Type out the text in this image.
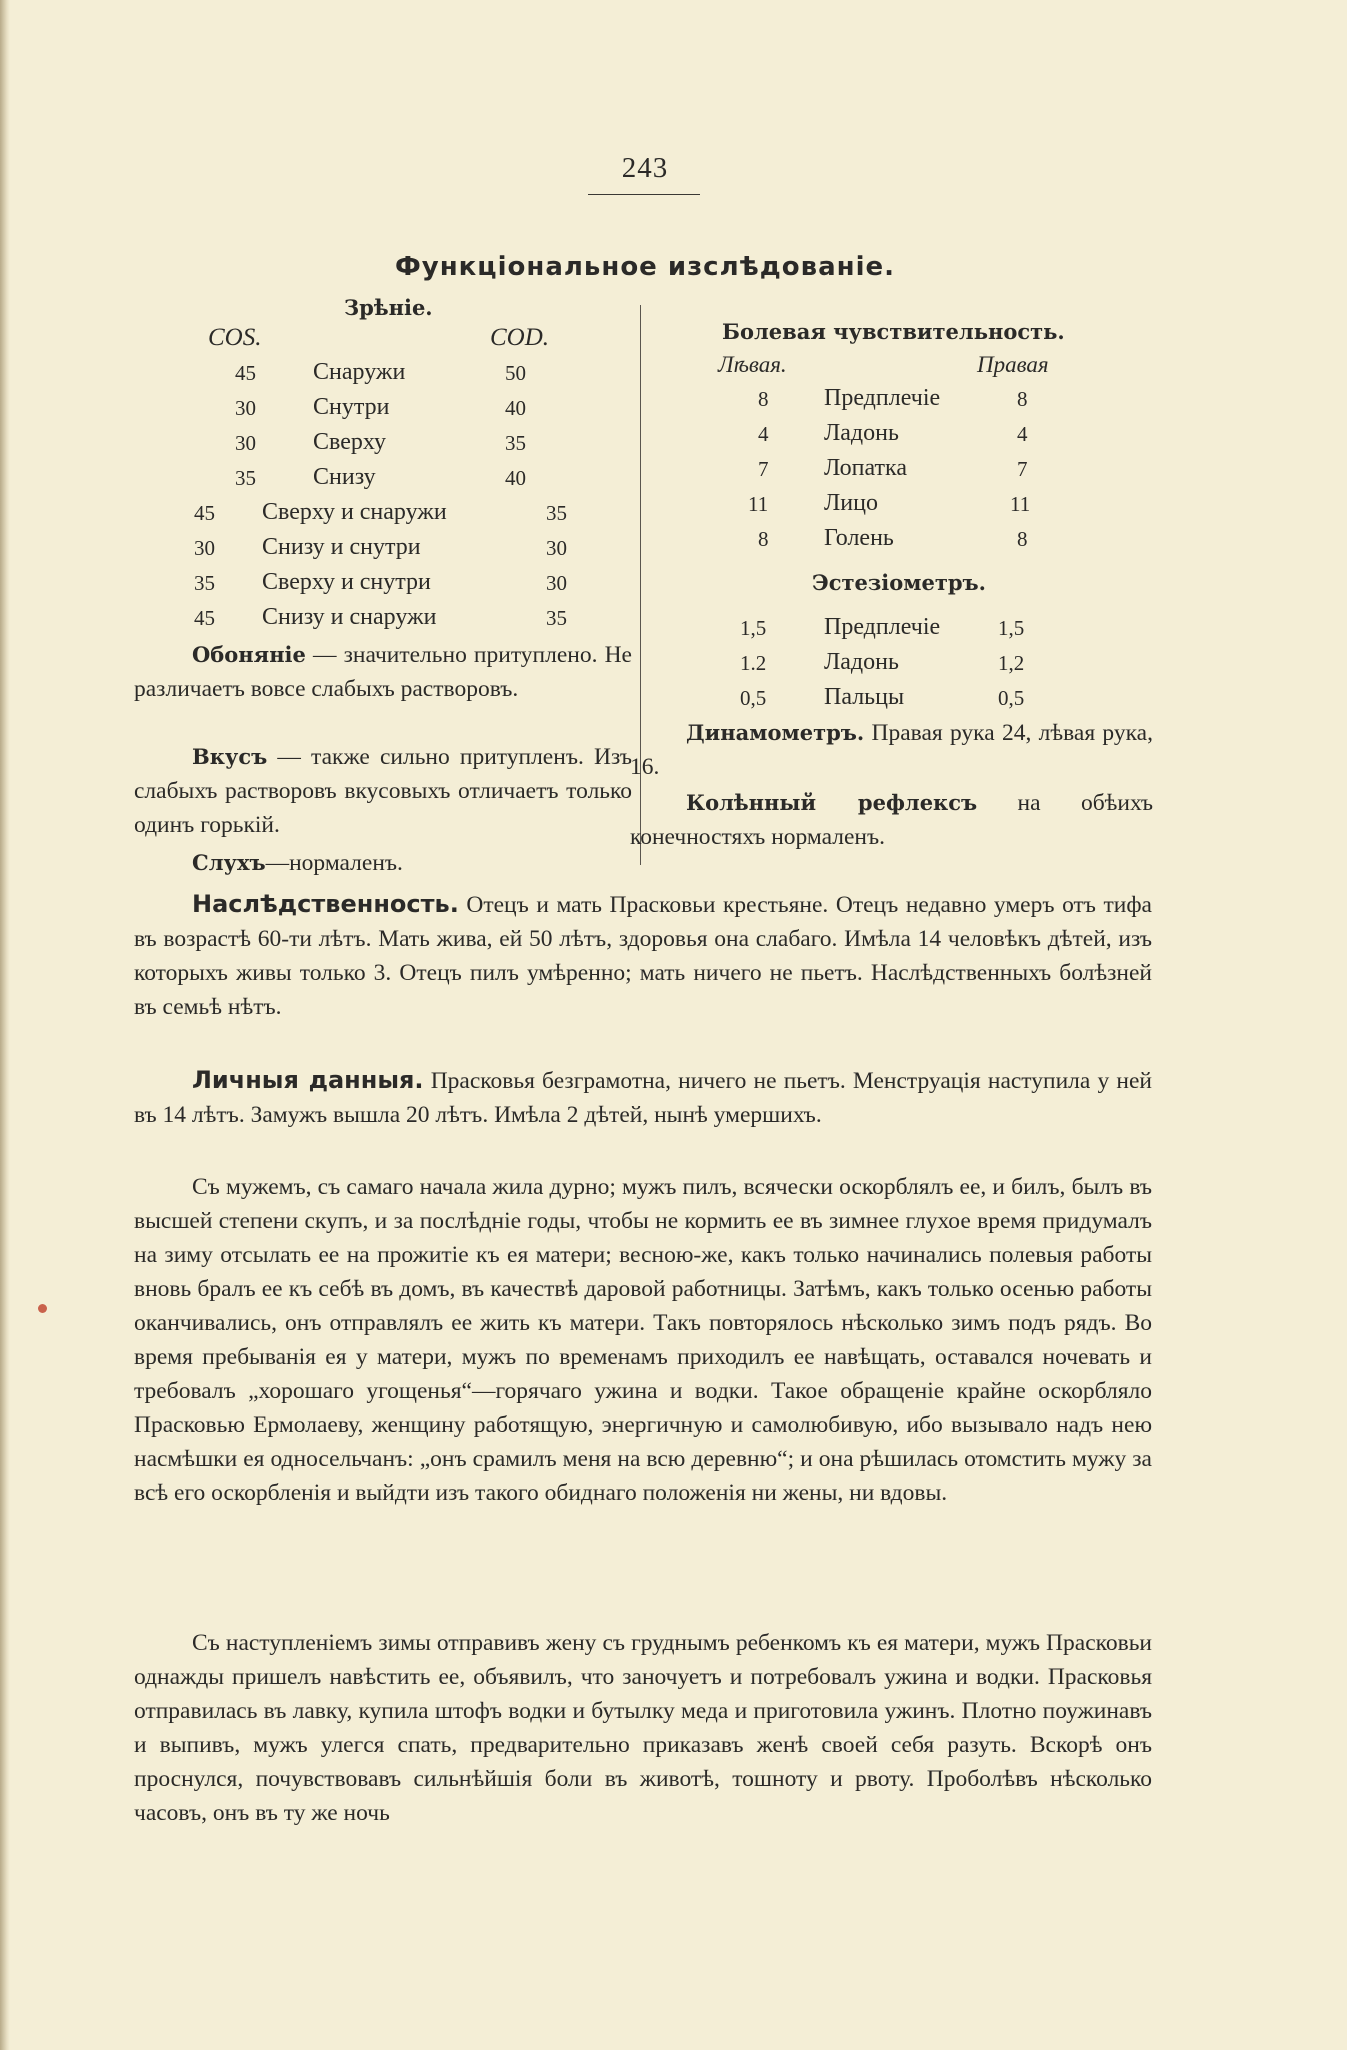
243
Функціональное изслѣдованіе.
Зрѣніе.
COS.	COD.
45 Снаружи	50
30 Снутри	40
30 Сверху	35
35 Снизу	40
45 Сверху и снаружи	35
30 Снизу и снутри	30
35 Сверху и снутри	30
45 Снизу и снаружи	35
Обоняніе — значительно притуплено. Не различаетъ вовсе слабыхъ растворовъ.
Вкусъ — также сильно притупленъ. Изъ слабыхъ растворовъ вкусовыхъ отличаетъ только одинъ горькій.
Слухъ—нормаленъ.
Болевая чувствительность.
Лѣвая.	Правая
8 Предплечіе	8
4 Ладонь	4
7 Лопатка	7
11 Лицо	11
8 Голень	8
Эстезіометръ.
1,5 Предплечіе	1,5
1.2 Ладонь	1,2
0,5 Пальцы	0,5
Динамометръ. Правая рука 24, лѣвая рука, 16.
Колѣнный рефлексъ на обѣихъ конечностяхъ нормаленъ.
Наслѣдственность. Отецъ и мать Прасковьи крестьяне. Отецъ недавно умеръ отъ тифа въ возрастѣ 60-ти лѣтъ. Мать жива, ей 50 лѣтъ, здоровья она слабаго. Имѣла 14 человѣкъ дѣтей, изъ которыхъ живы только 3. Отецъ пилъ умѣренно; мать ничего не пьетъ. Наслѣдственныхъ болѣзней въ семьѣ нѣтъ.
Личныя данныя. Прасковья безграмотна, ничего не пьетъ. Менструація наступила у ней въ 14 лѣтъ. Замужъ вышла 20 лѣтъ. Имѣла 2 дѣтей, нынѣ умершихъ.
Съ мужемъ, съ самаго начала жила дурно; мужъ пилъ, всячески оскорблялъ ее, и билъ, былъ въ высшей степени скупъ, и за послѣдніе годы, чтобы не кормить ее въ зимнее глухое время придумалъ на зиму отсылать ее на прожитіе къ ея матери; весною-же, какъ только начинались полевыя работы вновь бралъ ее къ себѣ въ домъ, въ качествѣ даровой работницы. Затѣмъ, какъ только осенью работы оканчивались, онъ отправлялъ ее жить къ матери. Такъ повторялось нѣсколько зимъ подъ рядъ. Во время пребыванія ея у матери, мужъ по временамъ приходилъ ее навѣщать, оставался ночевать и требовалъ „хорошаго угощенья“—горячаго ужина и водки. Такое обращеніе крайне оскорбляло Прасковью Ермолаеву, женщину работящую, энергичную и самолюбивую, ибо вызывало надъ нею насмѣшки ея односельчанъ: „онъ срамилъ меня на всю деревню“; и она рѣшилась отомстить мужу за всѣ его оскорбленія и выйдти изъ такого обиднаго положенія ни жены, ни вдовы.
Съ наступленіемъ зимы отправивъ жену съ груднымъ ребенкомъ къ ея матери, мужъ Прасковьи однажды пришелъ навѣстить ее, объявилъ, что заночуетъ и потребовалъ ужина и водки. Прасковья отправилась въ лавку, купила штофъ водки и бутылку меда и приготовила ужинъ. Плотно поужинавъ и выпивъ, мужъ улегся спать, предварительно приказавъ женѣ своей себя разуть. Вскорѣ онъ проснулся, почувствовавъ сильнѣйшія боли въ животѣ, тошноту и рвоту. Проболѣвъ нѣсколько часовъ, онъ въ ту же ночь
